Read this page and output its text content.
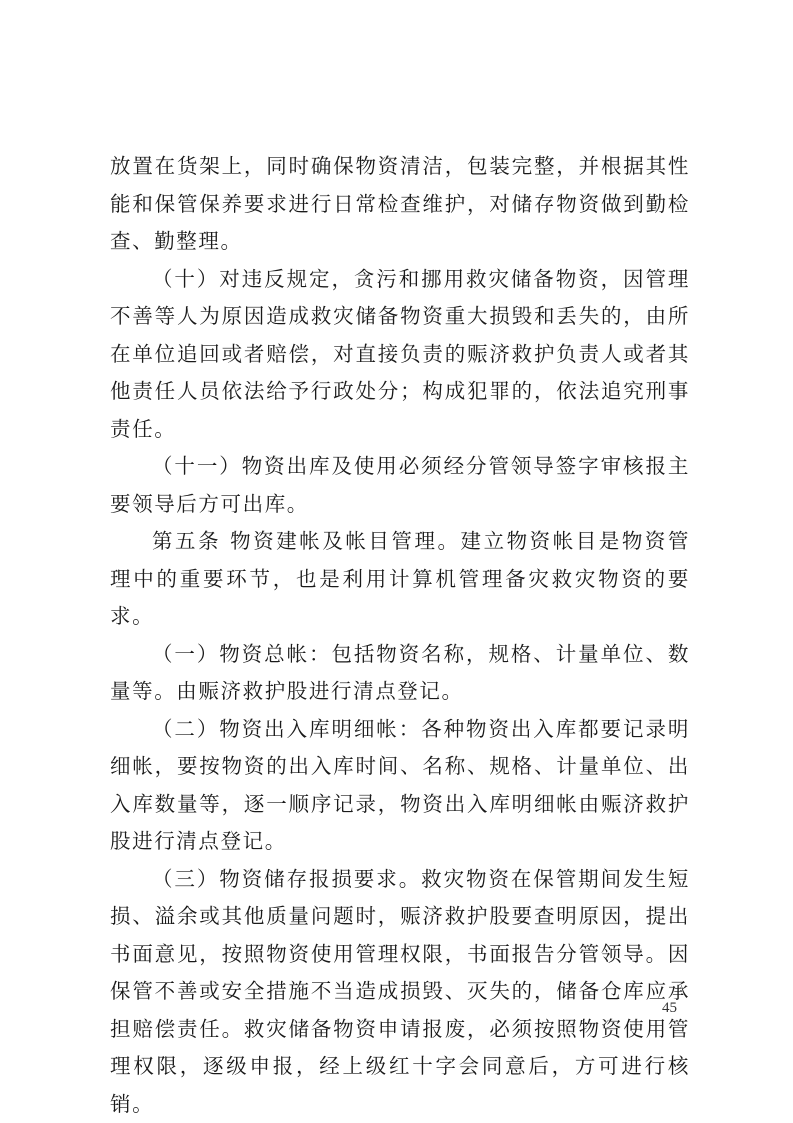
放置在货架上，同时确保物资清洁，包装完整，并根据其性能和保管保养要求进行日常检查维护，对储存物资做到勤检查、勤整理。

（十）对违反规定，贪污和挪用救灾储备物资，因管理不善等人为原因造成救灾储备物资重大损毁和丢失的，由所在单位追回或者赔偿，对直接负责的赈济救护负责人或者其他责任人员依法给予行政处分；构成犯罪的，依法追究刑事责任。

（十一）物资出库及使用必须经分管领导签字审核报主要领导后方可出库。

第五条 物资建帐及帐目管理。建立物资帐目是物资管理中的重要环节，也是利用计算机管理备灾救灾物资的要求。

（一）物资总帐：包括物资名称，规格、计量单位、数量等。由赈济救护股进行清点登记。

（二）物资出入库明细帐：各种物资出入库都要记录明细帐，要按物资的出入库时间、名称、规格、计量单位、出入库数量等，逐一顺序记录，物资出入库明细帐由赈济救护股进行清点登记。

（三）物资储存报损要求。救灾物资在保管期间发生短损、溢余或其他质量问题时，赈济救护股要查明原因，提出书面意见，按照物资使用管理权限，书面报告分管领导。因保管不善或安全措施不当造成损毁、灭失的，储备仓库应承担赔偿责任。救灾储备物资申请报废，必须按照物资使用管理权限，逐级申报，经上级红十字会同意后，方可进行核销。

45
